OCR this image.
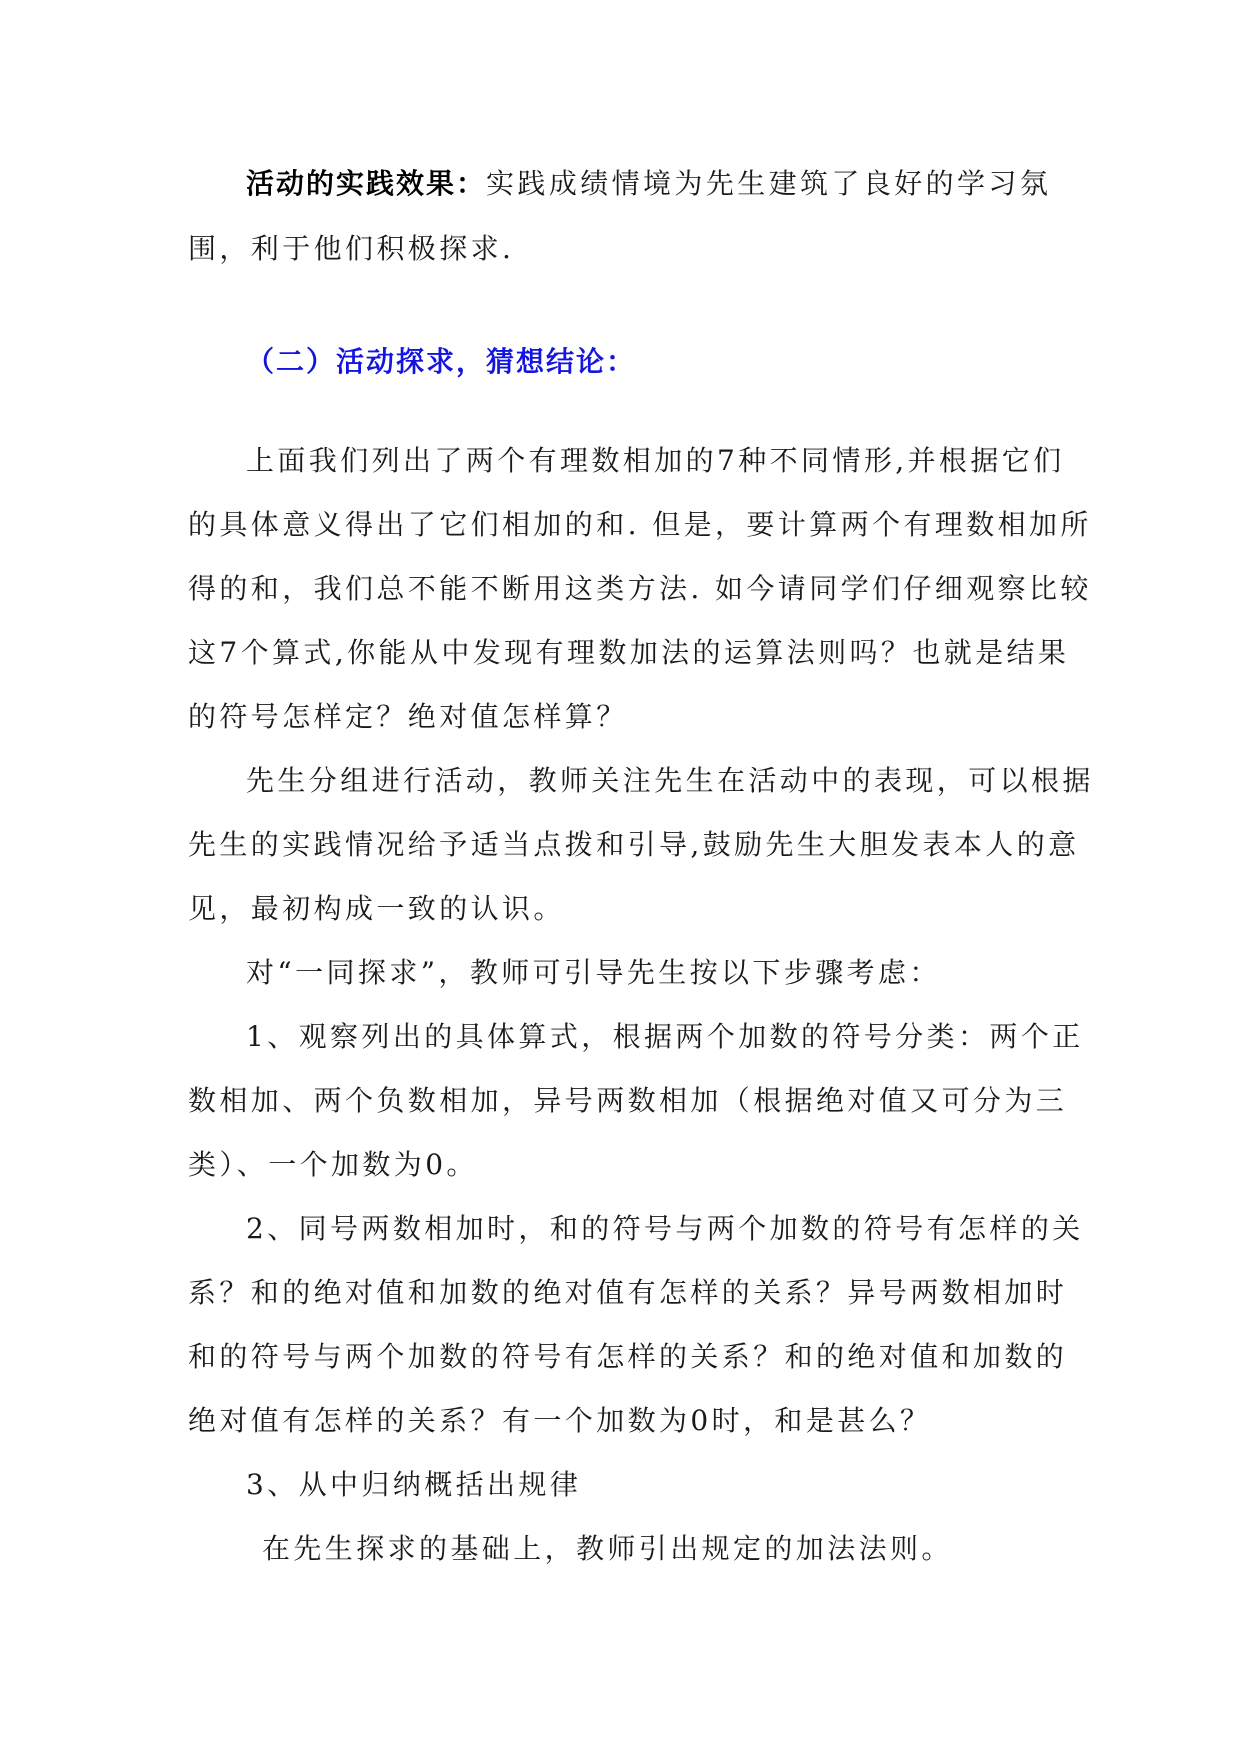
活动的实践效果：实践成绩情境为先生建筑了良好的学习氛
围，利于他们积极探求.
（二）活动探求，猜想结论：
上面我们列出了两个有理数相加的7种不同情形,并根据它们
的具体意义得出了它们相加的和. 但是，要计算两个有理数相加所
得的和，我们总不能不断用这类方法. 如今请同学们仔细观察比较
这7个算式,你能从中发现有理数加法的运算法则吗？也就是结果
的符号怎样定？绝对值怎样算？
先生分组进行活动，教师关注先生在活动中的表现，可以根据
先生的实践情况给予适当点拨和引导,鼓励先生大胆发表本人的意
见，最初构成一致的认识。
对“一同探求”，教师可引导先生按以下步骤考虑：
1、观察列出的具体算式，根据两个加数的符号分类：两个正
数相加、两个负数相加，异号两数相加（根据绝对值又可分为三
类）、一个加数为0。
2、同号两数相加时，和的符号与两个加数的符号有怎样的关
系？和的绝对值和加数的绝对值有怎样的关系？异号两数相加时
和的符号与两个加数的符号有怎样的关系？和的绝对值和加数的
绝对值有怎样的关系？有一个加数为0时，和是甚么？
3、从中归纳概括出规律
在先生探求的基础上，教师引出规定的加法法则。
